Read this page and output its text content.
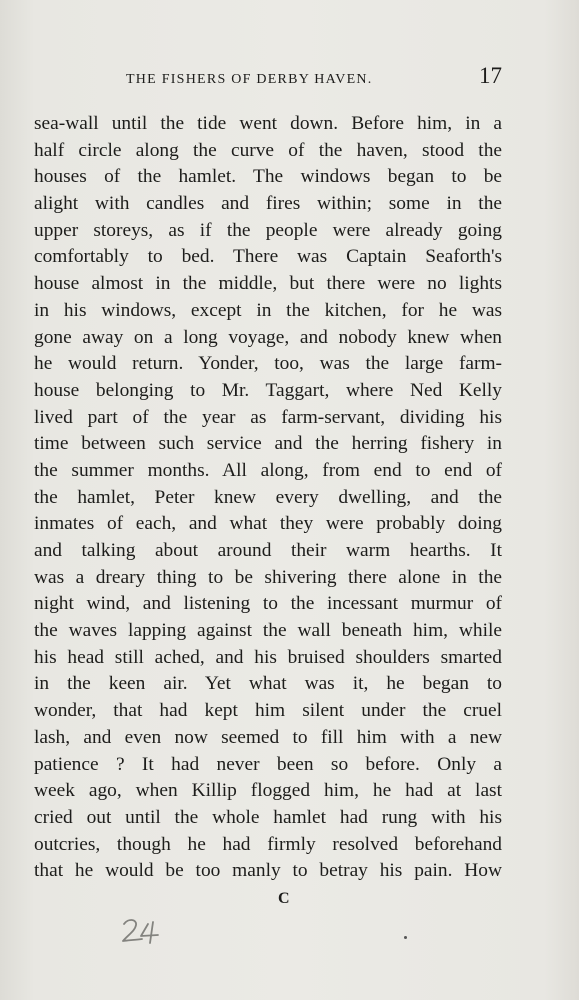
THE FISHERS OF DERBY HAVEN.	17
sea-wall until the tide went down. Before him, in a
half circle along the curve of the haven, stood the
houses of the hamlet. The windows began to be
alight with candles and fires within; some in the
upper storeys, as if the people were already going
comfortably to bed. There was Captain Seaforth's
house almost in the middle, but there were no lights
in his windows, except in the kitchen, for he was
gone away on a long voyage, and nobody knew when
he would return. Yonder, too, was the large farm-
house belonging to Mr. Taggart, where Ned Kelly
lived part of the year as farm-servant, dividing his
time between such service and the herring fishery in
the summer months. All along, from end to end of
the hamlet, Peter knew every dwelling, and the
inmates of each, and what they were probably doing
and talking about around their warm hearths. It
was a dreary thing to be shivering there alone in the
night wind, and listening to the incessant murmur of
the waves lapping against the wall beneath him, while
his head still ached, and his bruised shoulders smarted
in the keen air. Yet what was it, he began to
wonder, that had kept him silent under the cruel
lash, and even now seemed to fill him with a new
patience ? It had never been so before. Only a
week ago, when Killip flogged him, he had at last
cried out until the whole hamlet had rung with his
outcries, though he had firmly resolved beforehand
that he would be too manly to betray his pain. How
C
